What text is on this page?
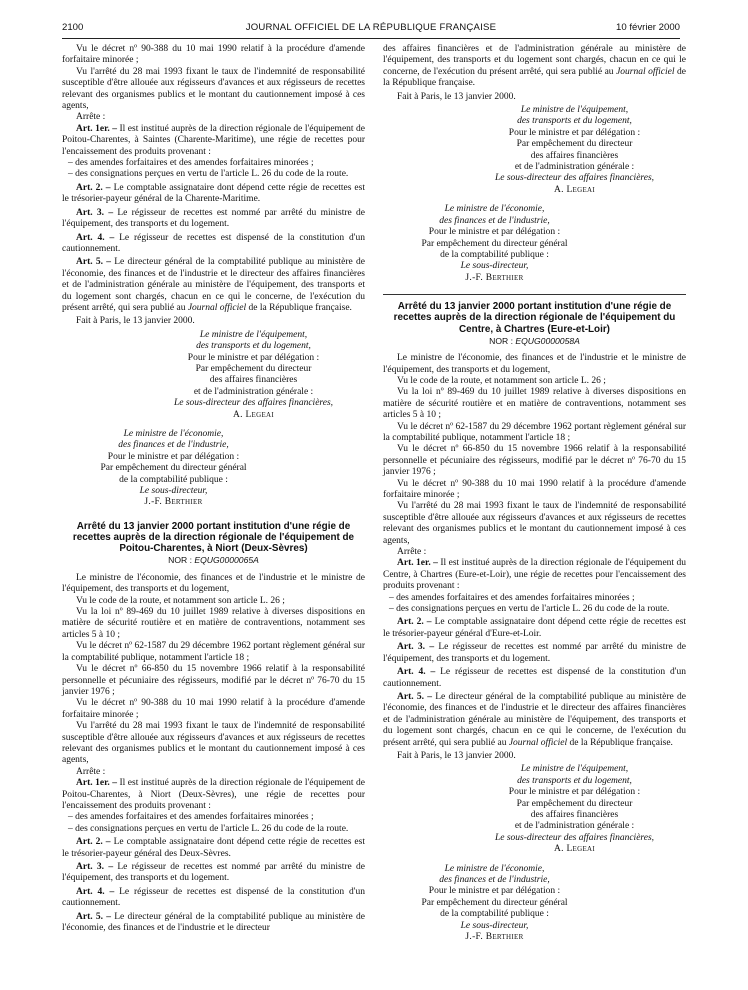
2100	JOURNAL OFFICIEL DE LA RÉPUBLIQUE FRANÇAISE	10 février 2000

Vu le décret nº 90-388 du 10 mai 1990 relatif à la procédure d'amende forfaitaire minorée ;

Vu l'arrêté du 28 mai 1993 fixant le taux de l'indemnité de responsabilité susceptible d'être allouée aux régisseurs d'avances et aux régisseurs de recettes relevant des organismes publics et le montant du cautionnement imposé à ces agents,

Arrête :

Art. 1er. – Il est institué auprès de la direction régionale de l'équipement de Poitou-Charentes, à Saintes (Charente-Maritime), une régie de recettes pour l'encaissement des produits provenant :

– des amendes forfaitaires et des amendes forfaitaires minorées ;

– des consignations perçues en vertu de l'article L. 26 du code de la route.

Art. 2. – Le comptable assignataire dont dépend cette régie de recettes est le trésorier-payeur général de la Charente-Maritime.

Art. 3. – Le régisseur de recettes est nommé par arrêté du ministre de l'équipement, des transports et du logement.

Art. 4. – Le régisseur de recettes est dispensé de la constitution d'un cautionnement.

Art. 5. – Le directeur général de la comptabilité publique au ministère de l'économie, des finances et de l'industrie et le directeur des affaires financières et de l'administration générale au ministère de l'équipement, des transports et du logement sont chargés, chacun en ce qui le concerne, de l'exécution du présent arrêté, qui sera publié au Journal officiel de la République française.

Fait à Paris, le 13 janvier 2000.

Le ministre de l'équipement,
des transports et du logement,
Pour le ministre et par délégation :
Par empêchement du directeur
des affaires financières
et de l'administration générale :
Le sous-directeur des affaires financières,
A. Legeai
Le ministre de l'économie,
des finances et de l'industrie,
Pour le ministre et par délégation :
Par empêchement du directeur général
de la comptabilité publique :
Le sous-directeur,
J.-F. Berthier
Arrêté du 13 janvier 2000 portant institution d'une régie de recettes auprès de la direction régionale de l'équipement de Poitou-Charentes, à Niort (Deux-Sèvres)
NOR : EQUG0000065A

Le ministre de l'économie, des finances et de l'industrie et le ministre de l'équipement, des transports et du logement,

Vu le code de la route, et notamment son article L. 26 ;

Vu la loi nº 89-469 du 10 juillet 1989 relative à diverses dispositions en matière de sécurité routière et en matière de contraventions, notamment ses articles 5 à 10 ;

Vu le décret nº 62-1587 du 29 décembre 1962 portant règlement général sur la comptabilité publique, notamment l'article 18 ;

Vu le décret nº 66-850 du 15 novembre 1966 relatif à la responsabilité personnelle et pécuniaire des régisseurs, modifié par le décret nº 76-70 du 15 janvier 1976 ;

Vu le décret nº 90-388 du 10 mai 1990 relatif à la procédure d'amende forfaitaire minorée ;

Vu l'arrêté du 28 mai 1993 fixant le taux de l'indemnité de responsabilité susceptible d'être allouée aux régisseurs d'avances et aux régisseurs de recettes relevant des organismes publics et le montant du cautionnement imposé à ces agents,

Arrête :

Art. 1er. – Il est institué auprès de la direction régionale de l'équipement de Poitou-Charentes, à Niort (Deux-Sèvres), une régie de recettes pour l'encaissement des produits provenant :

– des amendes forfaitaires et des amendes forfaitaires minorées ;

– des consignations perçues en vertu de l'article L. 26 du code de la route.

Art. 2. – Le comptable assignataire dont dépend cette régie de recettes est le trésorier-payeur général des Deux-Sèvres.

Art. 3. – Le régisseur de recettes est nommé par arrêté du ministre de l'équipement, des transports et du logement.

Art. 4. – Le régisseur de recettes est dispensé de la constitution d'un cautionnement.

Art. 5. – Le directeur général de la comptabilité publique au ministère de l'économie, des finances et de l'industrie et le directeur

des affaires financières et de l'administration générale au ministère de l'équipement, des transports et du logement sont chargés, chacun en ce qui le concerne, de l'exécution du présent arrêté, qui sera publié au Journal officiel de la République française.

Fait à Paris, le 13 janvier 2000.

Le ministre de l'équipement,
des transports et du logement,
Pour le ministre et par délégation :
Par empêchement du directeur
des affaires financières
et de l'administration générale :
Le sous-directeur des affaires financières,
A. Legeai
Le ministre de l'économie,
des finances et de l'industrie,
Pour le ministre et par délégation :
Par empêchement du directeur général
de la comptabilité publique :
Le sous-directeur,
J.-F. Berthier
Arrêté du 13 janvier 2000 portant institution d'une régie de recettes auprès de la direction régionale de l'équipement du Centre, à Chartres (Eure-et-Loir)
NOR : EQUG0000058A

Le ministre de l'économie, des finances et de l'industrie et le ministre de l'équipement, des transports et du logement,

Vu le code de la route, et notamment son article L. 26 ;

Vu la loi nº 89-469 du 10 juillet 1989 relative à diverses dispositions en matière de sécurité routière et en matière de contraventions, notamment ses articles 5 à 10 ;

Vu le décret nº 62-1587 du 29 décembre 1962 portant règlement général sur la comptabilité publique, notamment l'article 18 ;

Vu le décret nº 66-850 du 15 novembre 1966 relatif à la responsabilité personnelle et pécuniaire des régisseurs, modifié par le décret nº 76-70 du 15 janvier 1976 ;

Vu le décret nº 90-388 du 10 mai 1990 relatif à la procédure d'amende forfaitaire minorée ;

Vu l'arrêté du 28 mai 1993 fixant le taux de l'indemnité de responsabilité susceptible d'être allouée aux régisseurs d'avances et aux régisseurs de recettes relevant des organismes publics et le montant du cautionnement imposé à ces agents,

Arrête :

Art. 1er. – Il est institué auprès de la direction régionale de l'équipement du Centre, à Chartres (Eure-et-Loir), une régie de recettes pour l'encaissement des produits provenant :

– des amendes forfaitaires et des amendes forfaitaires minorées ;

– des consignations perçues en vertu de l'article L. 26 du code de la route.

Art. 2. – Le comptable assignataire dont dépend cette régie de recettes est le trésorier-payeur général d'Eure-et-Loir.

Art. 3. – Le régisseur de recettes est nommé par arrêté du ministre de l'équipement, des transports et du logement.

Art. 4. – Le régisseur de recettes est dispensé de la constitution d'un cautionnement.

Art. 5. – Le directeur général de la comptabilité publique au ministère de l'économie, des finances et de l'industrie et le directeur des affaires financières et de l'administration générale au ministère de l'équipement, des transports et du logement sont chargés, chacun en ce qui le concerne, de l'exécution du présent arrêté, qui sera publié au Journal officiel de la République française.

Fait à Paris, le 13 janvier 2000.

Le ministre de l'équipement,
des transports et du logement,
Pour le ministre et par délégation :
Par empêchement du directeur
des affaires financières
et de l'administration générale :
Le sous-directeur des affaires financières,
A. Legeai
Le ministre de l'économie,
des finances et de l'industrie,
Pour le ministre et par délégation :
Par empêchement du directeur général
de la comptabilité publique :
Le sous-directeur,
J.-F. Berthier
